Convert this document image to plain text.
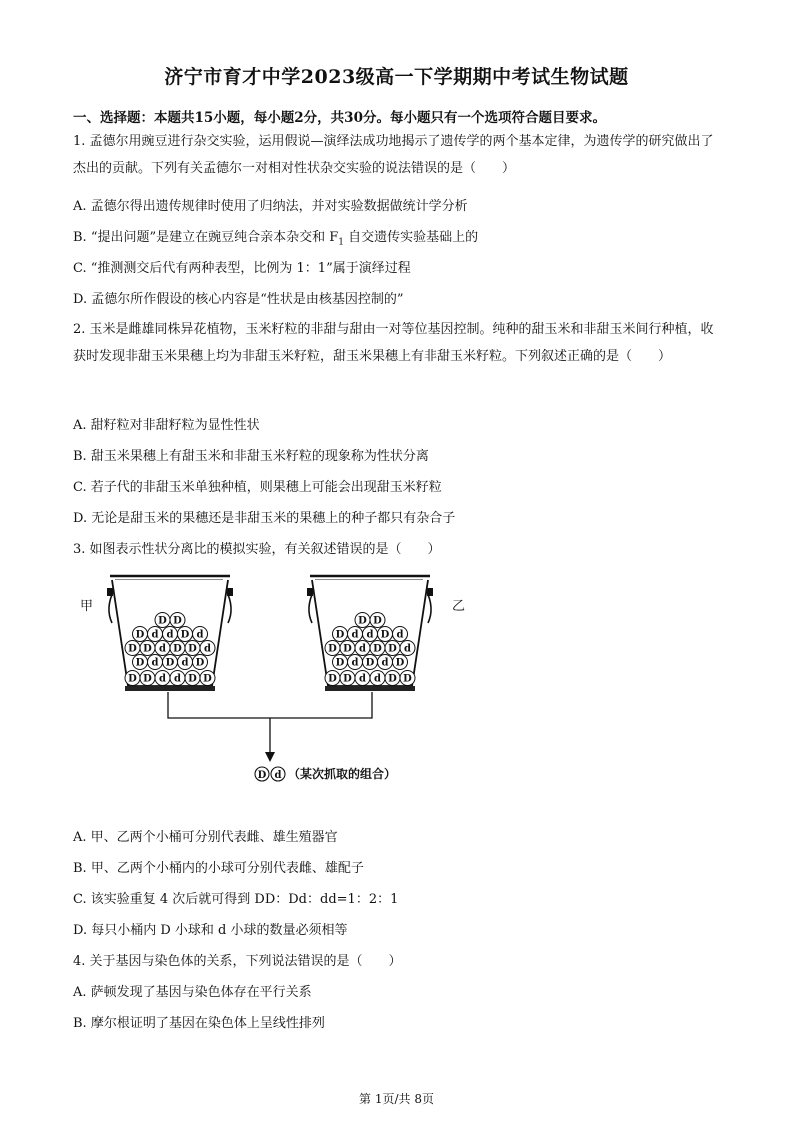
济宁市育才中学2023级高一下学期期中考试生物试题
一、选择题：本题共15小题，每小题2分，共30分。每小题只有一个选项符合题目要求。
1. 孟德尔用豌豆进行杂交实验，运用假说—演绎法成功地揭示了遗传学的两个基本定律，为遗传学的研究做出了杰出的贡献。下列有关孟德尔一对相对性状杂交实验的说法错误的是（　　）
A. 孟德尔得出遗传规律时使用了归纳法，并对实验数据做统计学分析
B. “提出问题”是建立在豌豆纯合亲本杂交和 $F_1$ 自交遗传实验基础上的
C. “推测测交后代有两种表型，比例为 1：1”属于演绎过程
D. 孟德尔所作假设的核心内容是“性状是由核基因控制的”
2. 玉米是雌雄同株异花植物，玉米籽粒的非甜与甜由一对等位基因控制。纯种的甜玉米和非甜玉米间行种植，收获时发现非甜玉米果穗上均为非甜玉米籽粒，甜玉米果穗上有非甜玉米籽粒。下列叙述正确的是（　　）
A. 甜籽粒对非甜籽粒为显性性状
B. 甜玉米果穗上有甜玉米和非甜玉米籽粒的现象称为性状分离
C. 若子代的非甜玉米单独种植，则果穗上可能会出现甜玉米籽粒
D. 无论是甜玉米的果穗还是非甜玉米的果穗上的种子都只有杂合子
3. 如图表示性状分离比的模拟实验，有关叙述错误的是（　　）
D D
D d d D d
D D d D D d
D d D d D
D D d d D D
甲
D D
D d d D d
D D d D D d
D d D d D
D D d d D D
乙
D d （某次抓取的组合）
A. 甲、乙两个小桶可分别代表雌、雄生殖器官
B. 甲、乙两个小桶内的小球可分别代表雌、雄配子
C. 该实验重复 4 次后就可得到 DD：Dd：dd=1：2：1
D. 每只小桶内 D 小球和 d 小球的数量必须相等
4. 关于基因与染色体的关系，下列说法错误的是（　　）
A. 萨顿发现了基因与染色体存在平行关系
B. 摩尔根证明了基因在染色体上呈线性排列
第 1页/共 8页
